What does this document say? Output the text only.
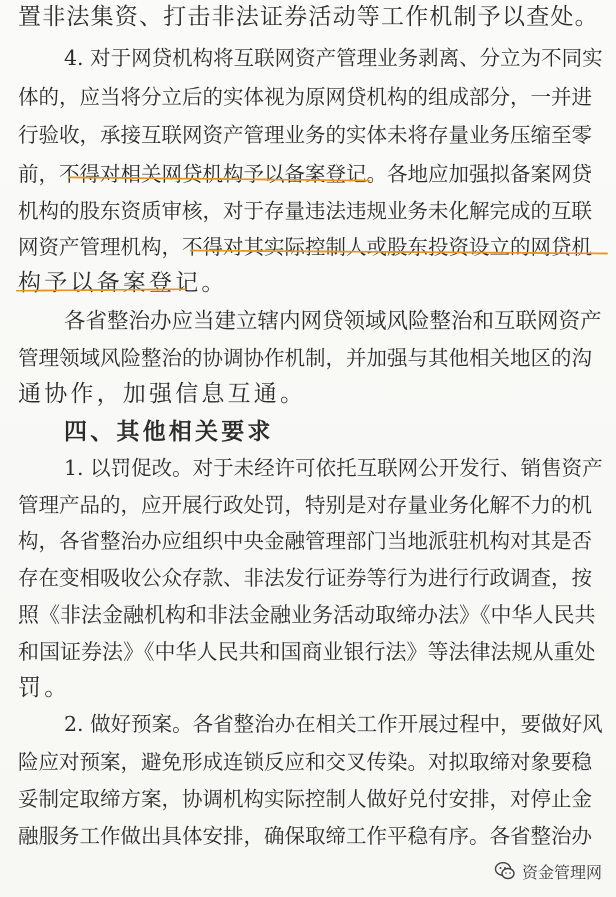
置非法集资、打击非法证券活动等工作机制予以查处。
4. 对于网贷机构将互联网资产管理业务剥离、分立为不同实
体的，应当将分立后的实体视为原网贷机构的组成部分，一并进
行验收，承接互联网资产管理业务的实体未将存量业务压缩至零
前，不得对相关网贷机构予以备案登记。各地应加强拟备案网贷
机构的股东资质审核，对于存量违法违规业务未化解完成的互联
网资产管理机构，不得对其实际控制人或股东投资设立的网贷机
构予以备案登记。
各省整治办应当建立辖内网贷领域风险整治和互联网资产
管理领域风险整治的协调协作机制，并加强与其他相关地区的沟
通协作，加强信息互通。
四、其他相关要求
1. 以罚促改。对于未经许可依托互联网公开发行、销售资产
管理产品的，应开展行政处罚，特别是对存量业务化解不力的机
构，各省整治办应组织中央金融管理部门当地派驻机构对其是否
存在变相吸收公众存款、非法发行证券等行为进行行政调查，按
照《非法金融机构和非法金融业务活动取缔办法》《中华人民共
和国证券法》《中华人民共和国商业银行法》等法律法规从重处
罚。
2. 做好预案。各省整治办在相关工作开展过程中，要做好风
险应对预案，避免形成连锁反应和交叉传染。对拟取缔对象要稳
妥制定取缔方案，协调机构实际控制人做好兑付安排，对停止金
融服务工作做出具体安排，确保取缔工作平稳有序。各省整治办
资金管理网
